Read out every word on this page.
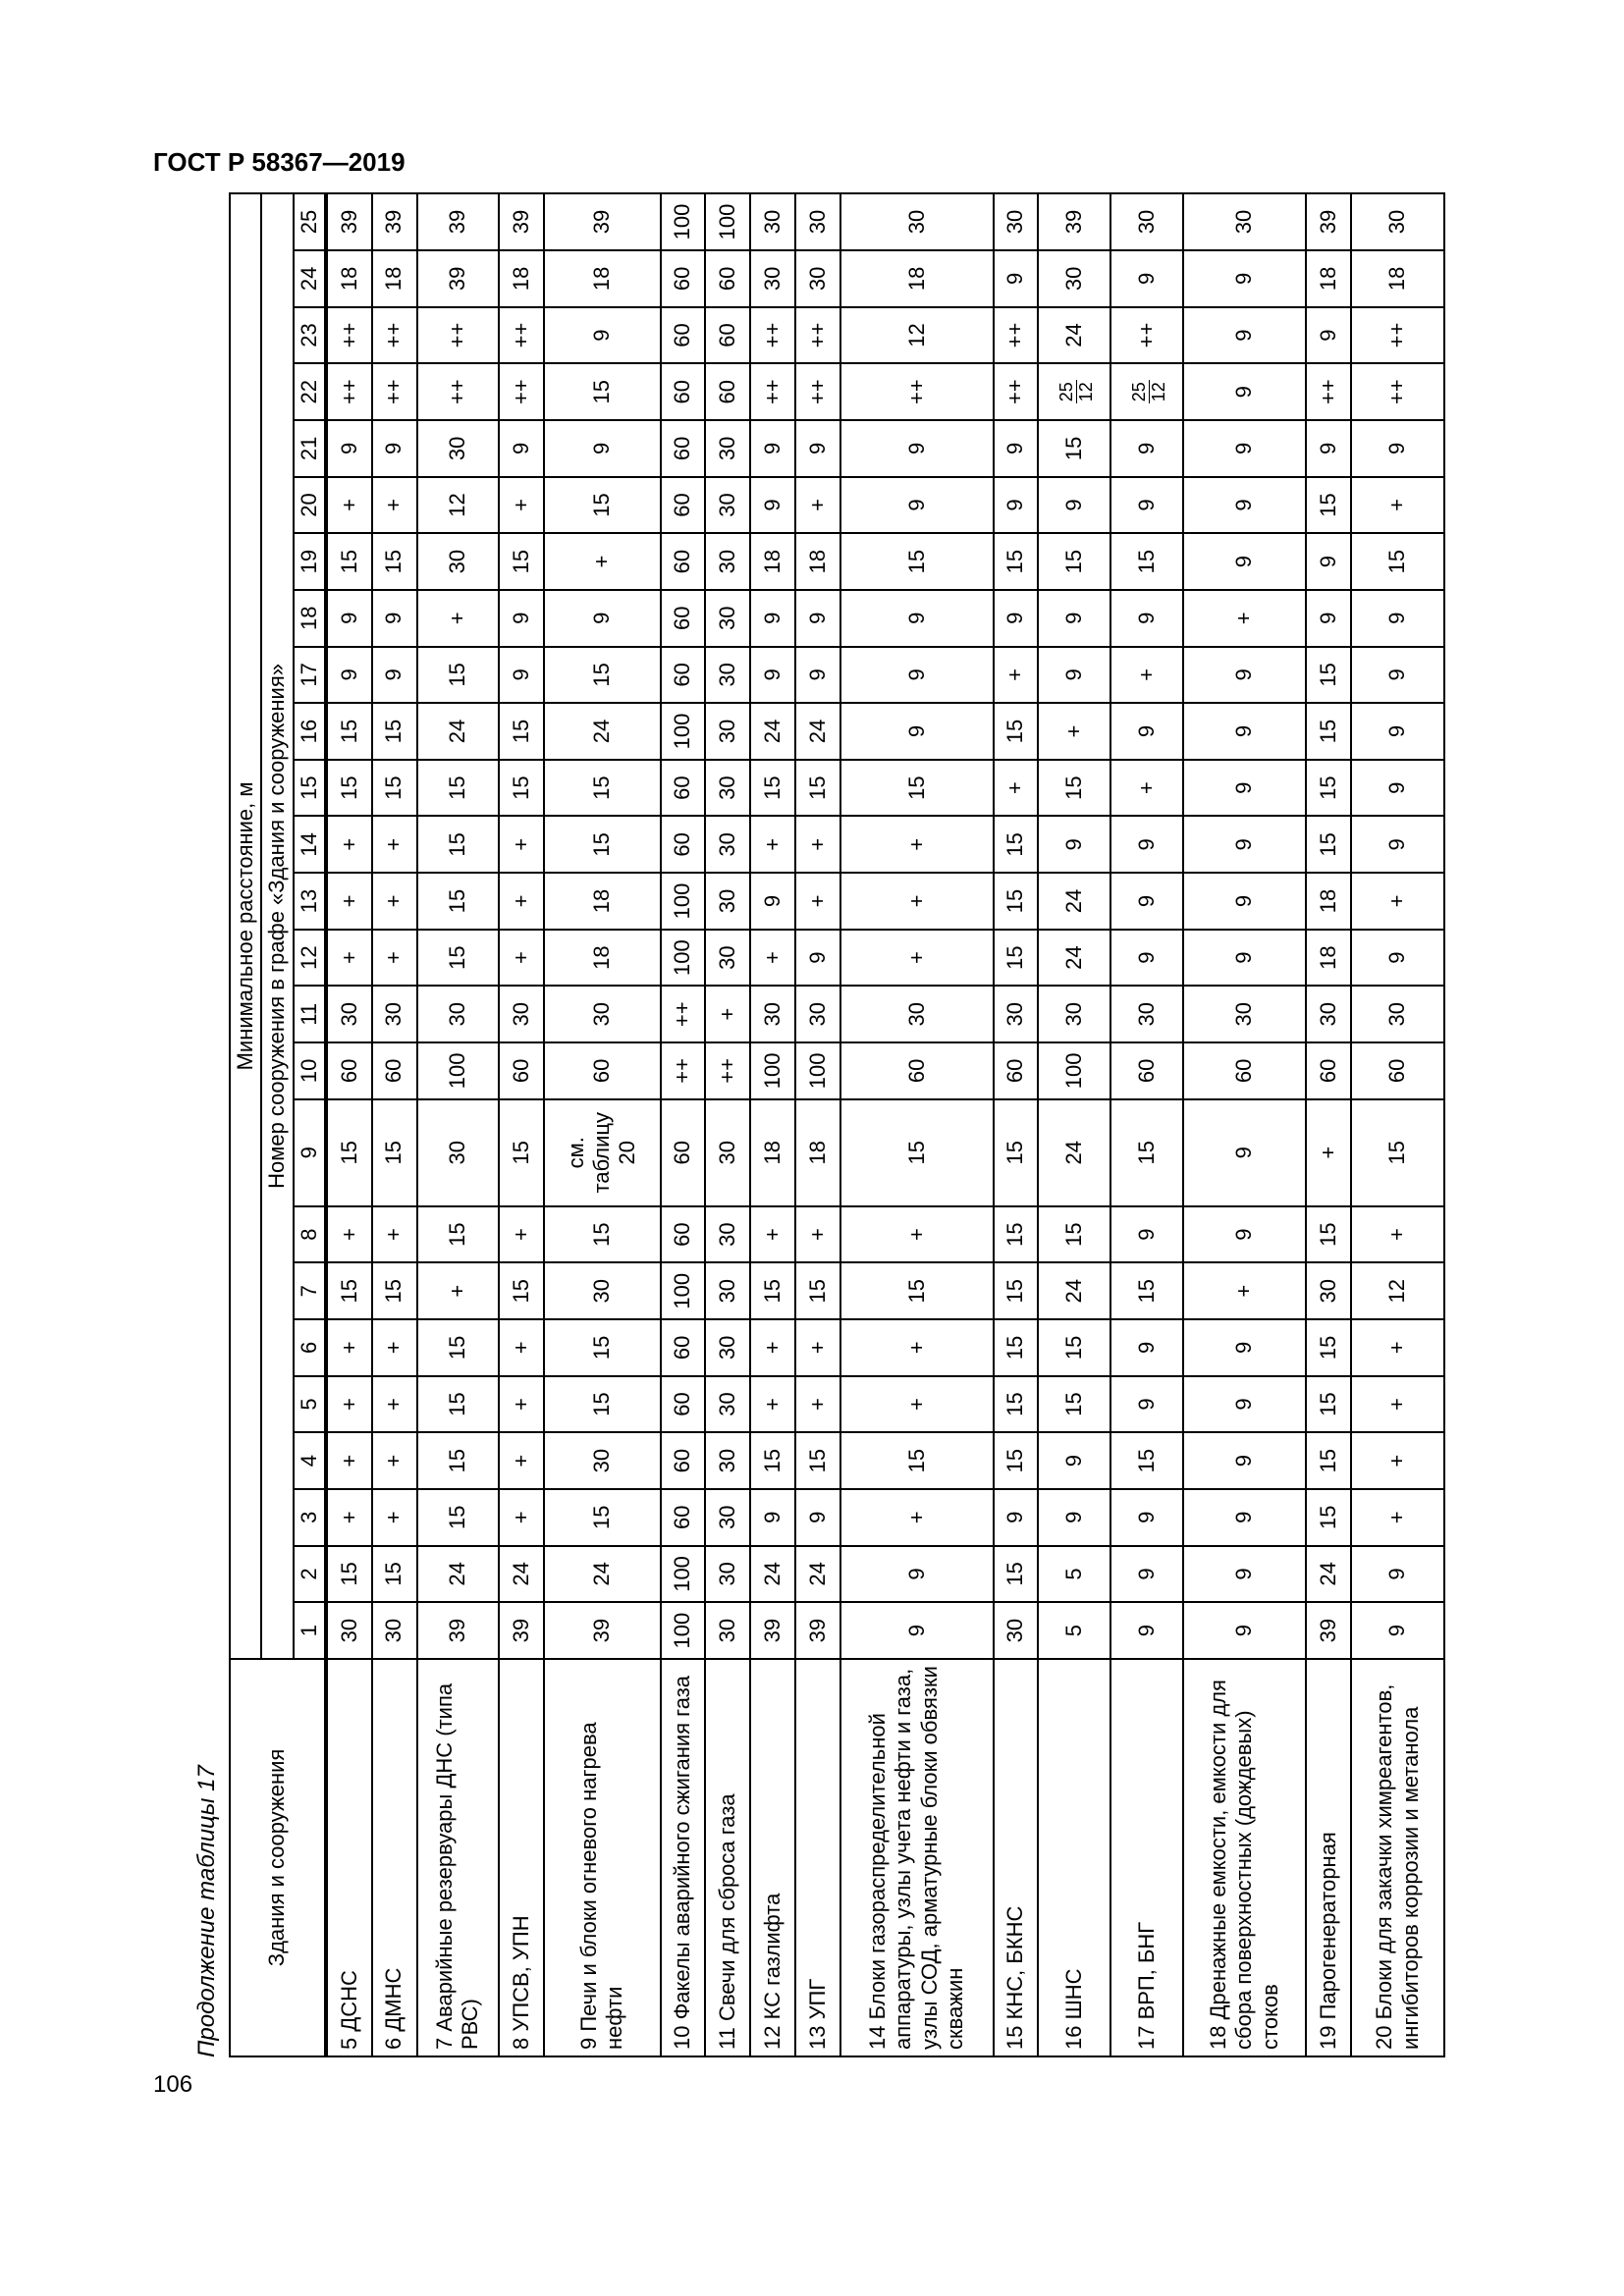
ГОСТ Р 58367—2019
Продолжение таблицы 17 Здания и сооружения	Минимальное расстояние, м																								
	Номер сооружения в графе «Здания и сооружения»																								
	1	2	3	4	5	6	7	8	9	10	11	12	13	14	15	16	17	18	19	20	21	22	23	24	25
5 ДСНС	30	15	+	+	+	+	15	+	15	60	30	+	+	+	15	15	9	9	15	+	9	++	++	18	39
6 ДМНС	30	15	+	+	+	+	15	+	15	60	30	+	+	+	15	15	9	9	15	+	9	++	++	18	39
7 Аварийные резервуары ДНС (типа РВС)	39	24	15	15	15	15	+	15	30	100	30	15	15	15	15	24	15	+	30	12	30	++	++	39	39
8 УПСВ, УПН	39	24	+	+	+	+	15	+	15	60	30	+	+	+	15	15	9	9	15	+	9	++	++	18	39
9 Печи и блоки огневого нагрева нефти	39	24	15	30	15	15	30	15	см. таблицу 20	60	30	18	18	15	15	24	15	9	+	15	9	15	9	18	39
10 Факелы аварийного сжигания газа	100	100	60	60	60	60	100	60	60	++	++	100	100	60	60	100	60	60	60	60	60	60	60	60	100
11 Свечи для сброса газа	30	30	30	30	30	30	30	30	30	++	+	30	30	30	30	30	30	30	30	30	30	60	60	60	100
12 КС газлифта	39	24	9	15	+	+	15	+	18	100	30	+	9	+	15	24	9	9	18	9	9	++	++	30	30
13 УПГ	39	24	9	15	+	+	15	+	18	100	30	9	+	+	15	24	9	9	18	+	9	++	++	30	30
14 Блоки газораспределительной аппаратуры, узлы учета нефти и газа, узлы СОД, арматурные блоки обвязки скважин	9	9	+	15	+	+	15	+	15	60	30	+	+	+	15	9	9	9	15	9	9	++	12	18	30
15 КНС, БКНС	30	15	9	15	15	15	15	15	15	60	30	15	15	15	+	15	+	9	15	9	9	++	++	9	30
16 ШНС	5	5	9	9	15	15	24	15	24	100	30	24	24	9	15	+	9	9	15	9	15	25 12	24	30	39
17 ВРП, БНГ	9	9	9	15	9	9	15	9	15	60	30	9	9	9	+	9	+	9	15	9	9	25 12	++	9	30
18 Дренажные емкости, емкости для сбора поверхностных (дождевых) стоков	9	9	9	9	9	9	+	9	9	60	30	9	9	9	9	9	9	+	9	9	9	9	9	9	30
19 Парогенераторная	39	24	15	15	15	15	30	15	+	60	30	18	18	15	15	15	15	9	9	15	9	++	9	18	39
20 Блоки для закачки химреагентов, ингибиторов коррозии и метанола	9	9	+	+	+	+	12	+	15	60	30	9	+	9	9	9	9	9	15	+	9	++	++	18	30
106
